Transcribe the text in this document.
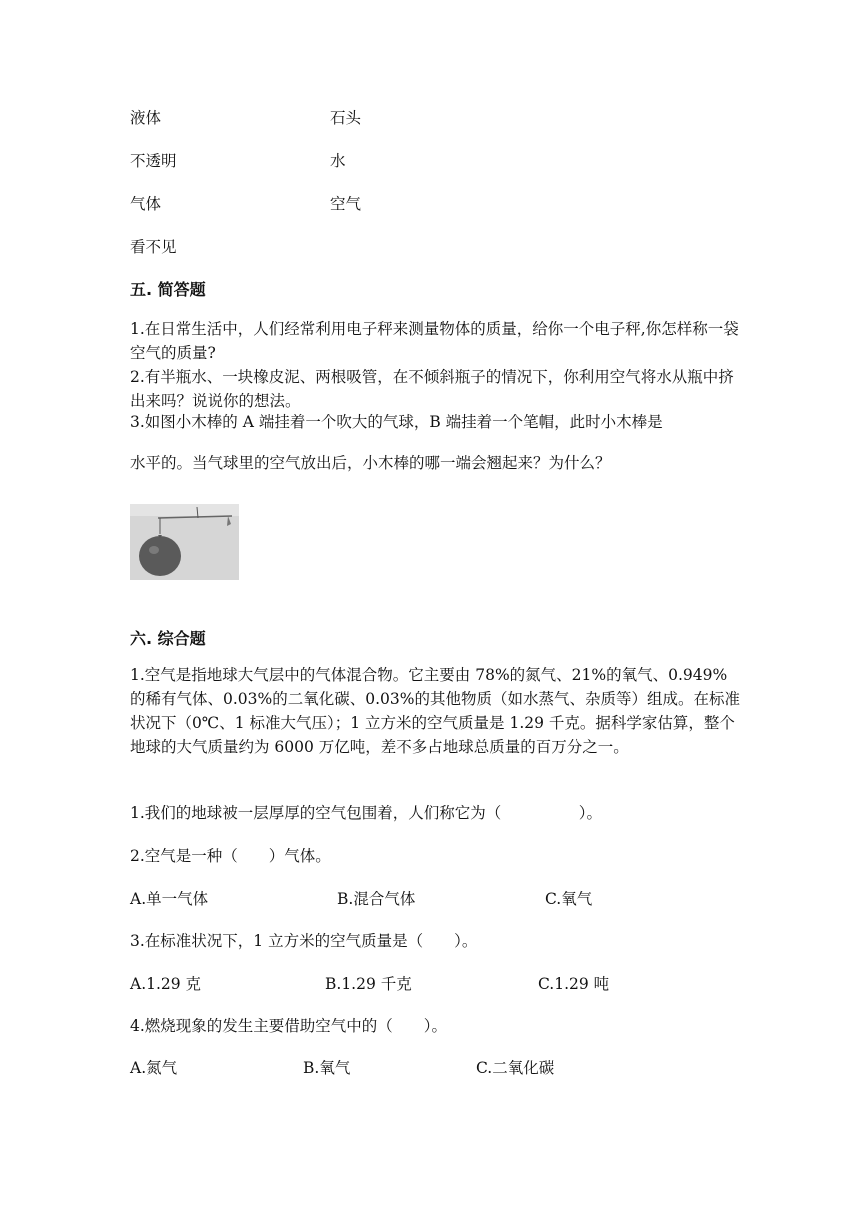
液体	石头
不透明	水
气体	空气
看不见
五. 简答题
1.在日常生活中，人们经常利用电子秤来测量物体的质量，给你一个电子秤,你怎样称一袋空气的质量?
2.有半瓶水、一块橡皮泥、两根吸管，在不倾斜瓶子的情况下，你利用空气将水从瓶中挤出来吗？说说你的想法。
3.如图小木棒的 A 端挂着一个吹大的气球，B 端挂着一个笔帽，此时小木棒是
水平的。当气球里的空气放出后，小木棒的哪一端会翘起来？为什么？
六. 综合题
1.空气是指地球大气层中的气体混合物。它主要由 78%的氮气、21%的氧气、0.949%的稀有气体、0.03%的二氧化碳、0.03%的其他物质（如水蒸气、杂质等）组成。在标准状况下（0℃、1 标准大气压）；1 立方米的空气质量是 1.29 千克。据科学家估算，整个地球的大气质量约为 6000 万亿吨，差不多占地球总质量的百万分之一。
1.我们的地球被一层厚厚的空气包围着，人们称它为（　　　　　）。
2.空气是一种（　　）气体。
A.单一气体	B.混合气体	C.氧气
3.在标准状况下，1 立方米的空气质量是（　　）。
A.1.29 克	B.1.29 千克	C.1.29 吨
4.燃烧现象的发生主要借助空气中的（　　）。
A.氮气	B.氧气	C.二氧化碳
